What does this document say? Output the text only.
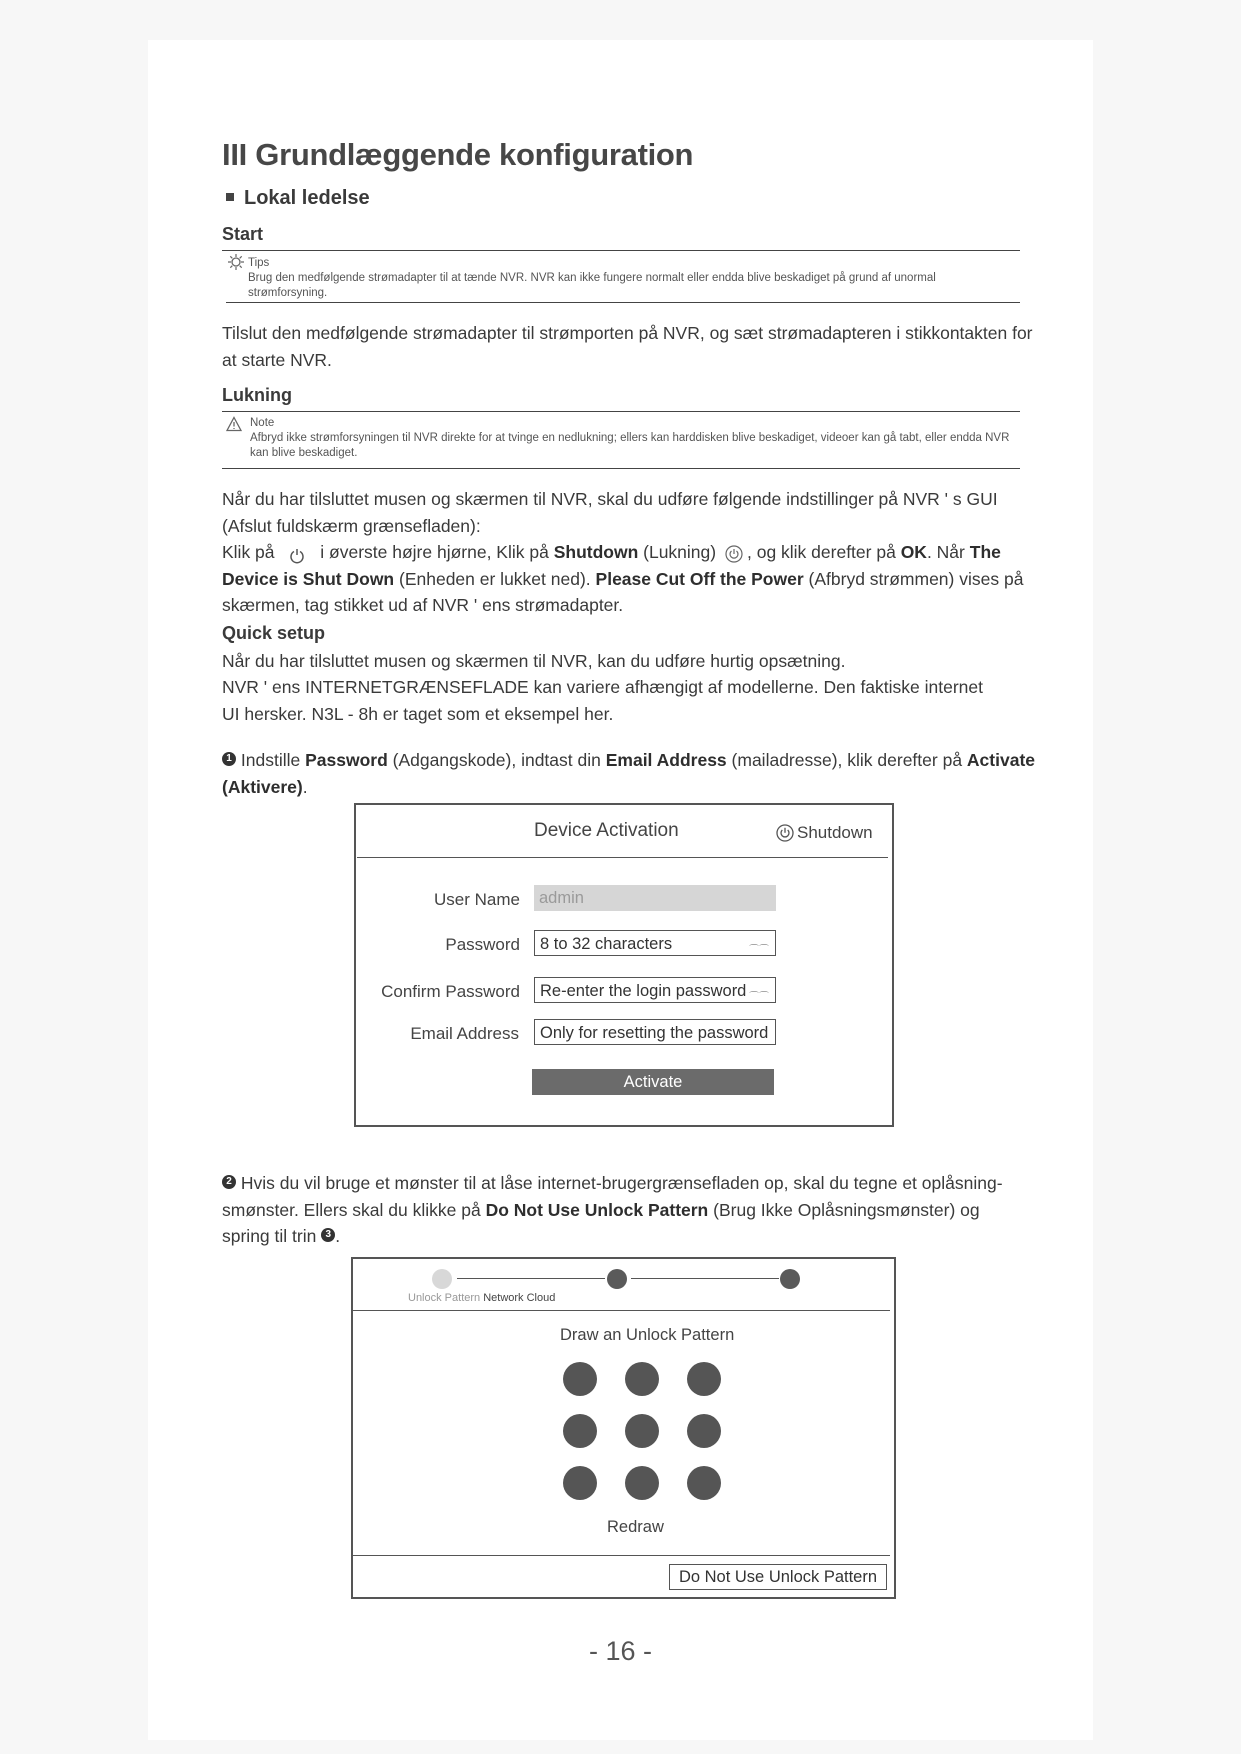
III Grundlæggende konfiguration
Lokal ledelse
Start
Tips
Brug den medfølgende strømadapter til at tænde NVR. NVR kan ikke fungere normalt eller endda blive beskadiget på grund af unormal strømforsyning.
Tilslut den medfølgende strømadapter til strømporten på NVR, og sæt strømadapteren i stikkontakten for at starte NVR.
Lukning
Note
Afbryd ikke strømforsyningen til NVR direkte for at tvinge en nedlukning; ellers kan harddisken blive beskadiget, videoer kan gå tabt, eller endda NVR kan blive beskadiget.
Når du har tilsluttet musen og skærmen til NVR, skal du udføre følgende indstillinger på NVR ' s GUI (Afslut fuldskærm grænsefladen):
Klik på	i øverste højre hjørne, Klik på Shutdown (Lukning) , og klik derefter på OK. Når The Device is Shut Down (Enheden er lukket ned). Please Cut Off the Power (Afbryd strømmen) vises på skærmen, tag stikket ud af NVR ' ens strømadapter.
Quick setup
Når du har tilsluttet musen og skærmen til NVR, kan du udføre hurtig opsætning.
NVR ' ens INTERNETGRÆNSEFLADE kan variere afhængigt af modellerne. Den faktiske internet UI hersker. N3L - 8h er taget som et eksempel her.
1 Indstille Password (Adgangskode), indtast din Email Address (mailadresse), klik derefter på Activate (Aktivere).
Device Activation	Shutdown
User Name	admin
Password	8 to 32 characters	⌒⌒
Confirm Password	Re-enter the login password ⌒⌒
Email Address	Only for resetting the password
Activate
2 Hvis du vil bruge et mønster til at låse internet-brugergrænsefladen op, skal du tegne et oplåsning-smønster. Ellers skal du klikke på Do Not Use Unlock Pattern (Brug Ikke Oplåsningsmønster) og spring til trin 3 .
Unlock Pattern Network Cloud
Draw an Unlock Pattern
Redraw
Do Not Use Unlock Pattern
- 16 -
